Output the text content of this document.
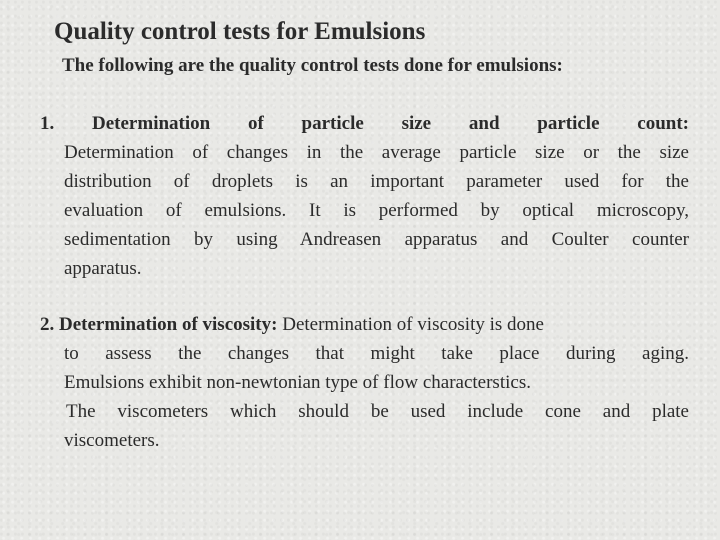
Quality control tests for Emulsions
The following are the quality control tests done for emulsions:
1. Determination of particle size and particle count:
Determination of changes in the average particle size or the size
distribution of droplets is an important parameter used for the
evaluation of emulsions. It is performed by optical microscopy,
sedimentation by using Andreasen apparatus and Coulter counter
apparatus.
2. Determination of viscosity: Determination of viscosity is done
to assess the changes that might take place during aging.
Emulsions exhibit non-newtonian type of flow characterstics.
The viscometers which should be used include cone and plate
viscometers.
